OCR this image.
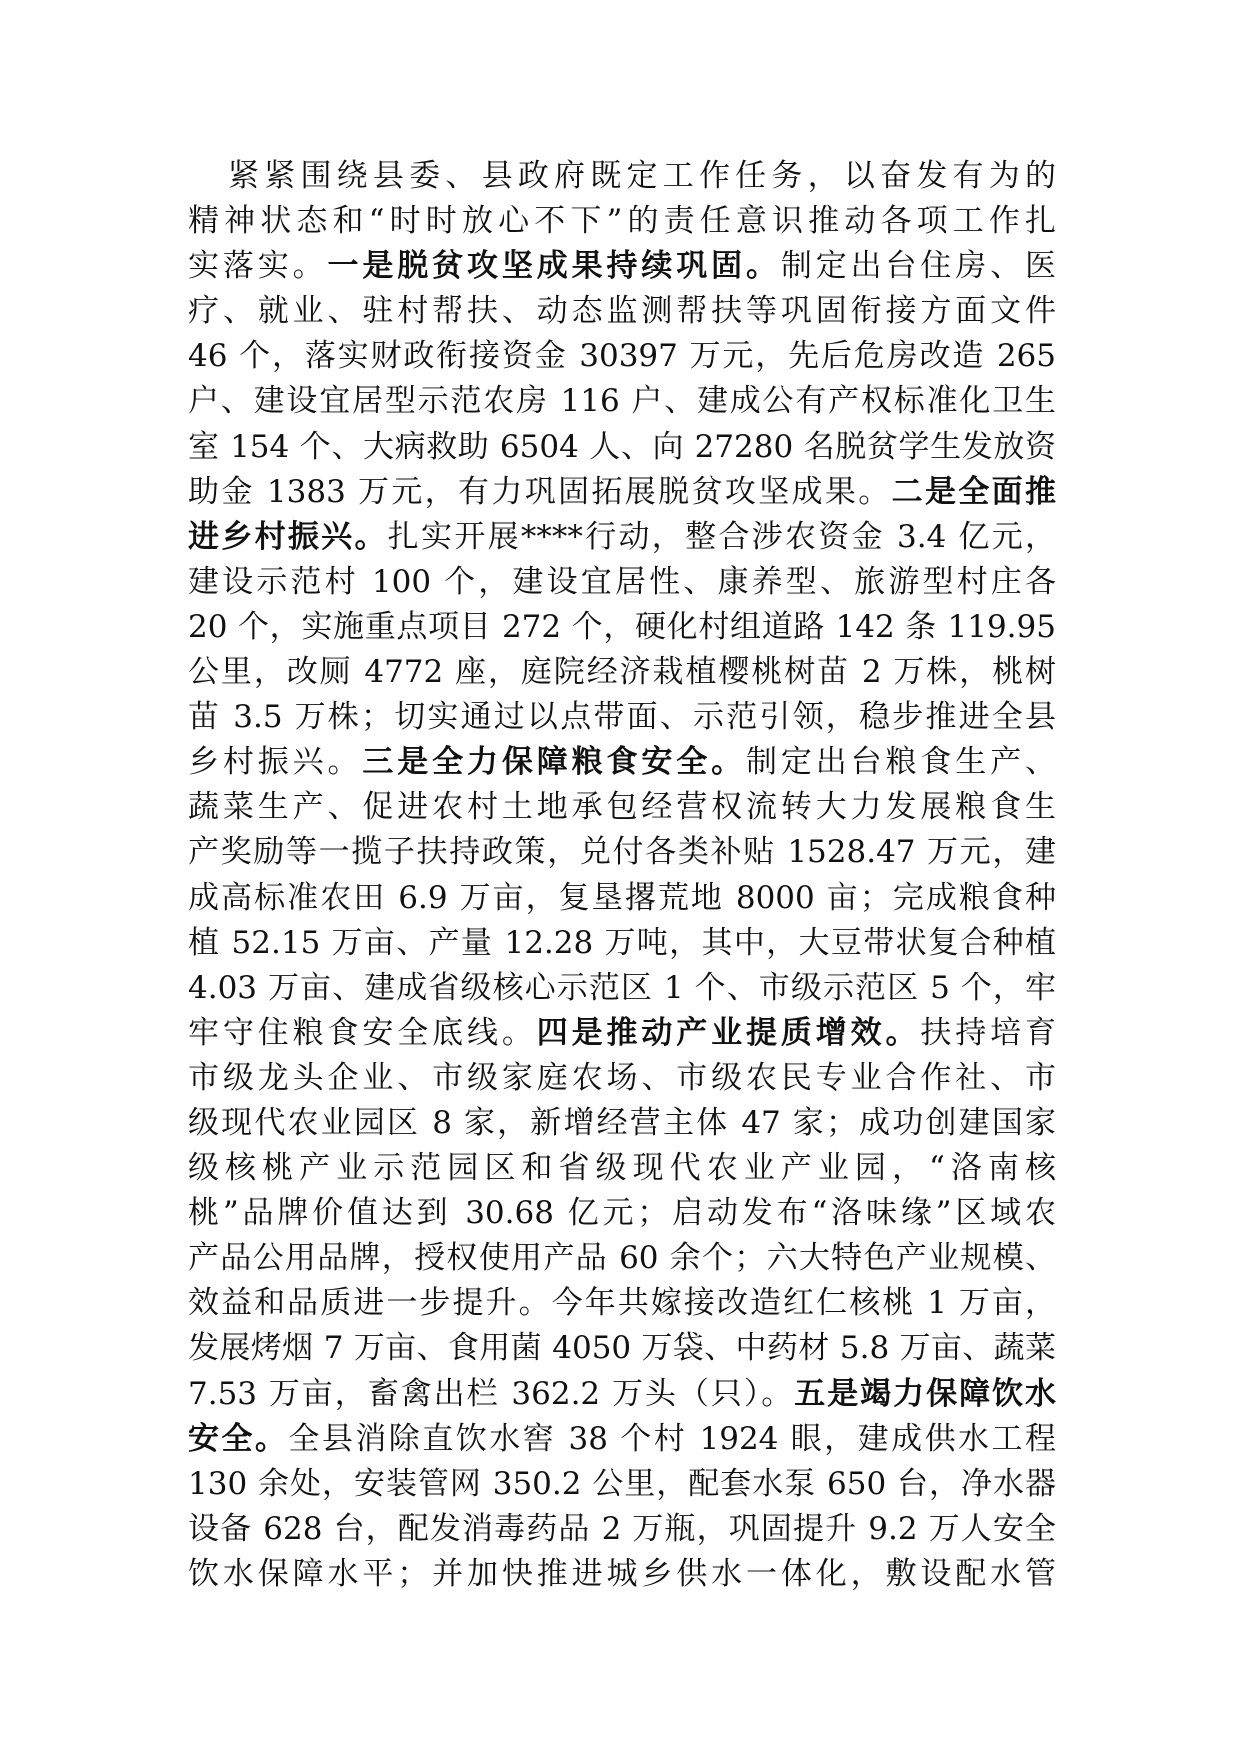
紧紧围绕县委、县政府既定工作任务，以奋发有为的
精神状态和“时时放心不下”的责任意识推动各项工作扎
实落实。一是脱贫攻坚成果持续巩固。制定出台住房、医
疗、就业、驻村帮扶、动态监测帮扶等巩固衔接方面文件
46 个，落实财政衔接资金 30397 万元，先后危房改造 265
户、建设宜居型示范农房 116 户、建成公有产权标准化卫生
室 154 个、大病救助 6504 人、向 27280 名脱贫学生发放资
助金 1383 万元，有力巩固拓展脱贫攻坚成果。二是全面推
进乡村振兴。扎实开展****行动，整合涉农资金 3.4 亿元，
建设示范村 100 个，建设宜居性、康养型、旅游型村庄各
20 个，实施重点项目 272 个，硬化村组道路 142 条 119.95
公里，改厕 4772 座，庭院经济栽植樱桃树苗 2 万株，桃树
苗 3.5 万株；切实通过以点带面、示范引领，稳步推进全县
乡村振兴。三是全力保障粮食安全。制定出台粮食生产、
蔬菜生产、促进农村土地承包经营权流转大力发展粮食生
产奖励等一揽子扶持政策，兑付各类补贴 1528.47 万元，建
成高标准农田 6.9 万亩，复垦撂荒地 8000 亩；完成粮食种
植 52.15 万亩、产量 12.28 万吨，其中，大豆带状复合种植
4.03 万亩、建成省级核心示范区 1 个、市级示范区 5 个，牢
牢守住粮食安全底线。四是推动产业提质增效。扶持培育
市级龙头企业、市级家庭农场、市级农民专业合作社、市
级现代农业园区 8 家，新增经营主体 47 家；成功创建国家
级核桃产业示范园区和省级现代农业产业园，“洛南核
桃”品牌价值达到 30.68 亿元；启动发布“洛味缘”区域农
产品公用品牌，授权使用产品 60 余个；六大特色产业规模、
效益和品质进一步提升。今年共嫁接改造红仁核桃 1 万亩，
发展烤烟 7 万亩、食用菌 4050 万袋、中药材 5.8 万亩、蔬菜
7.53 万亩，畜禽出栏 362.2 万头（只）。五是竭力保障饮水
安全。全县消除直饮水窖 38 个村 1924 眼，建成供水工程
130 余处，安装管网 350.2 公里，配套水泵 650 台，净水器
设备 628 台，配发消毒药品 2 万瓶，巩固提升 9.2 万人安全
饮水保障水平；并加快推进城乡供水一体化，敷设配水管
